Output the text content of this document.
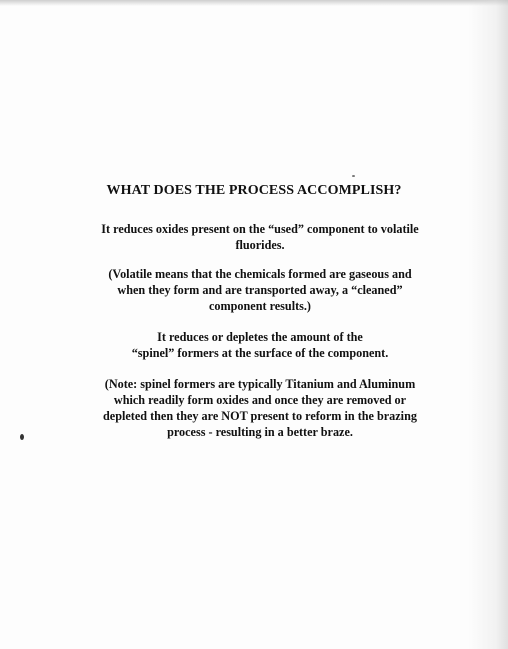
WHAT DOES THE PROCESS ACCOMPLISH?

It reduces oxides present on the “used” component to volatile
fluorides.

(Volatile means that the chemicals formed are gaseous and
when they form and are transported away, a “cleaned”
component results.)

It reduces or depletes the amount of the
“spinel” formers at the surface of the component.

(Note: spinel formers are typically Titanium and Aluminum
which readily form oxides and once they are removed or
depleted then they are NOT present to reform in the brazing
process - resulting in a better braze.
